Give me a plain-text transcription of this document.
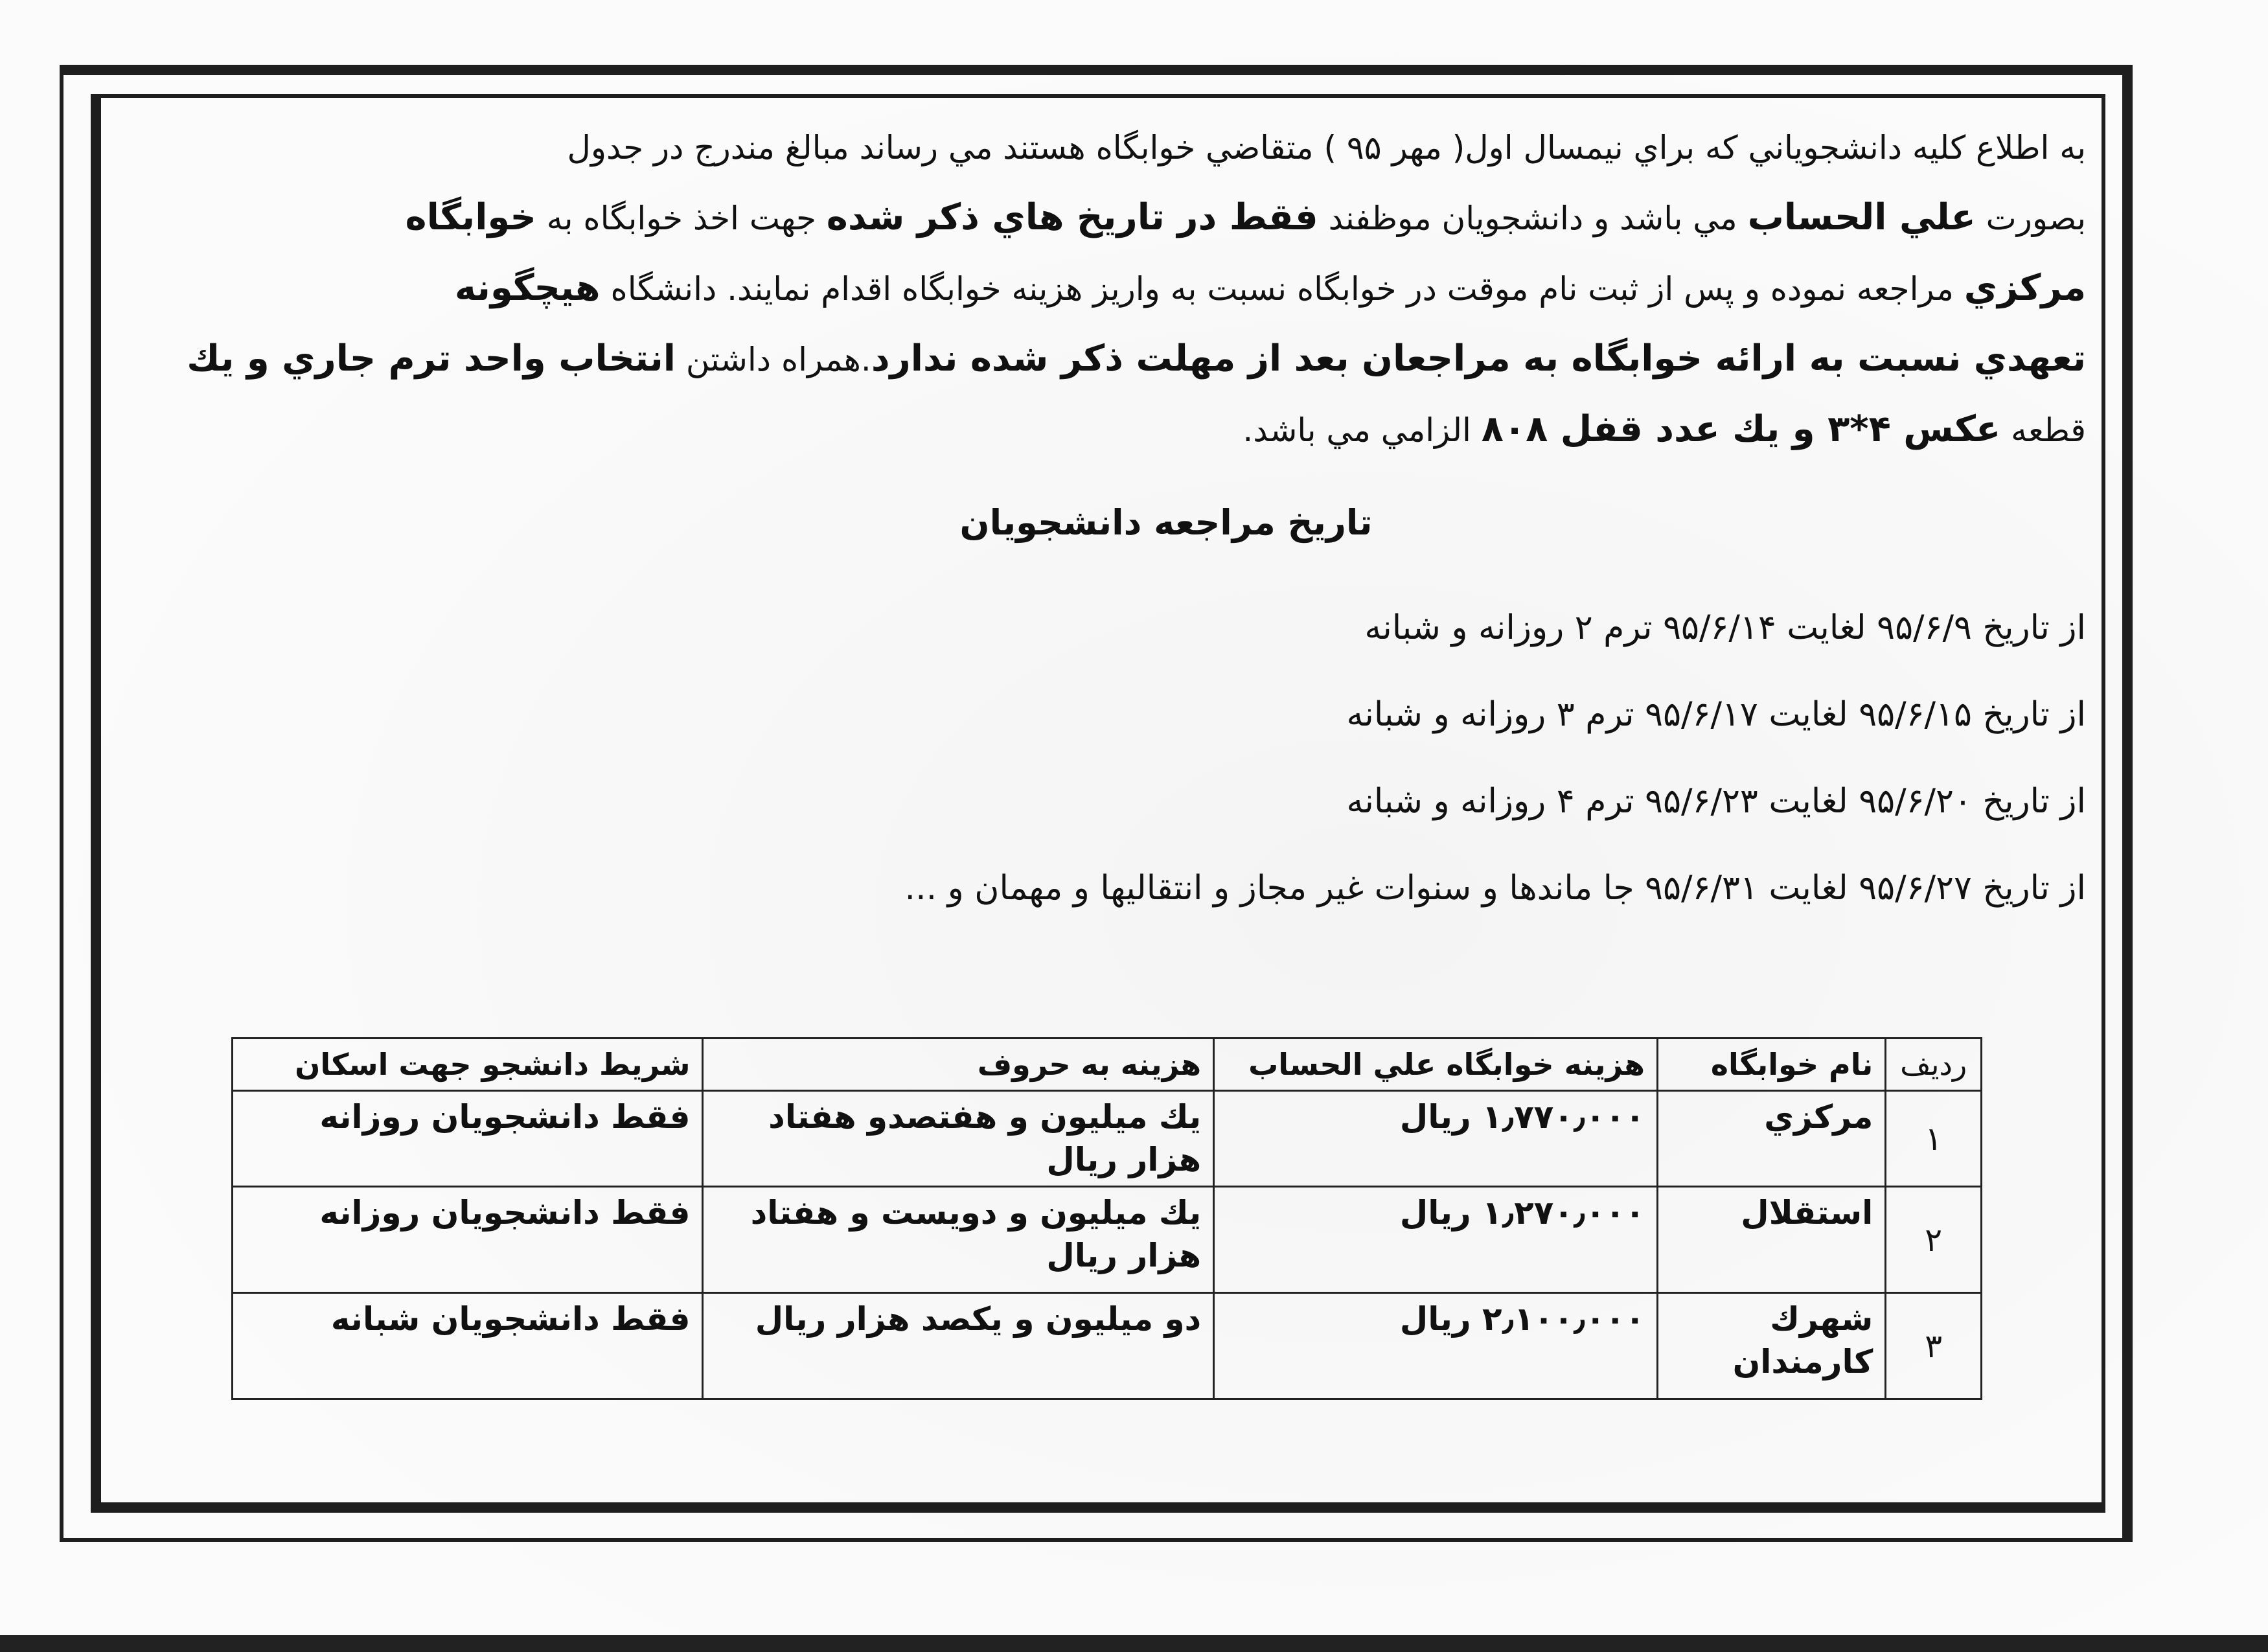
به اطلاع كليه دانشجوياني كه براي نيمسال اول( مهر ۹۵ ) متقاضي خوابگاه هستند مي رساند مبالغ مندرج در جدول

بصورت علي الحساب مي باشد و دانشجويان موظفند فقط در تاريخ هاي ذكر شده جهت اخذ خوابگاه به خوابگاه

مركزي مراجعه نموده و پس از ثبت نام موقت در خوابگاه نسبت به واريز هزينه خوابگاه اقدام نمايند. دانشگاه هيچگونه

تعهدي نسبت به ارائه خوابگاه به مراجعان بعد از مهلت ذكر شده ندارد.همراه داشتن انتخاب واحد ترم جاري و يك

قطعه عكس ۴*۳ و يك عدد قفل ۸۰۸ الزامي مي باشد.

تاريخ مراجعه دانشجويان

از تاريخ ۹۵/۶/۹ لغايت ۹۵/۶/۱۴ ترم ۲ روزانه و شبانه

از تاريخ ۹۵/۶/۱۵ لغايت ۹۵/۶/۱۷ ترم ۳ روزانه و شبانه

از تاريخ ۹۵/۶/۲۰ لغايت ۹۵/۶/۲۳ ترم ۴ روزانه و شبانه

از تاريخ ۹۵/۶/۲۷ لغايت ۹۵/۶/۳۱ جا ماندها و سنوات غير مجاز و انتقاليها و مهمان و ...

رديف	نام خوابگاه	هزينه خوابگاه علي الحساب	هزينه به حروف	شريط دانشجو جهت اسكان
۱	مركزي	۱٫۷۷۰٫۰۰۰ ريال	يك ميليون و هفتصدو هفتاد هزار ريال	فقط دانشجويان روزانه
۲	استقلال	۱٫۲۷۰٫۰۰۰ ريال	يك ميليون و دويست و هفتاد هزار ريال	فقط دانشجويان روزانه
۳	شهرك كارمندان	۲٫۱۰۰٫۰۰۰ ريال	دو ميليون و يكصد هزار ريال	فقط دانشجويان شبانه
